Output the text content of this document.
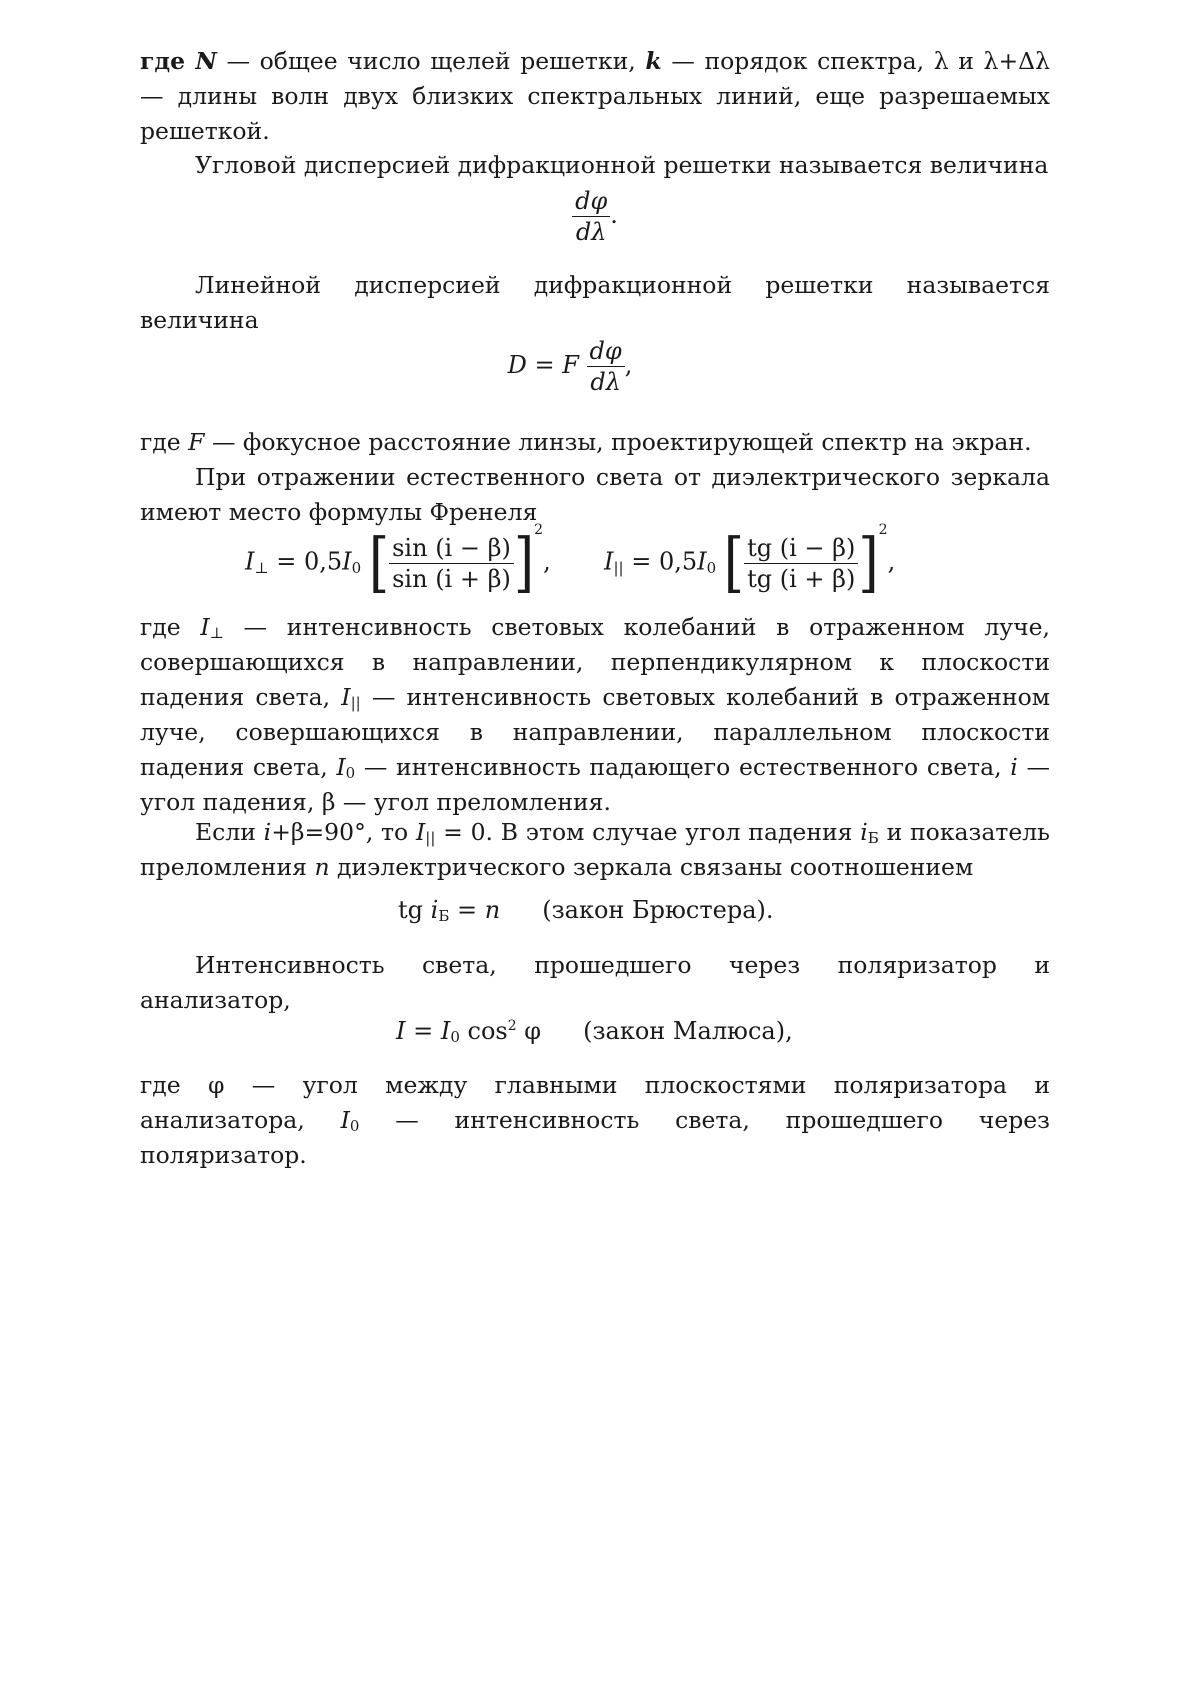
где N — общее число щелей решетки, k — порядок спектра, λ и λ+Δλ — длины волн двух близких спектральных линий, еще разрешаемых решеткой.

Угловой дисперсией дифракционной решетки называется величина

$\frac{d\varphi}{d\lambda}$ .

Линейной дисперсией дифракционной решетки называется величина

D = F $\frac{d\varphi}{d\lambda}$ ,

где F — фокусное расстояние линзы, проектирующей спектр на экран.

При отражении естественного света от диэлектрического зеркала имеют место формулы Френеля

$I_\perp = 0,5I_0$ [ $\frac{\sin (i - \beta)}{\sin (i + \beta)} ]^2$, $I_{||} = 0,5I_0$ [ $\frac{tg (i - \beta)}{tg (i + \beta)} ]^2$,

где $I_\perp$ — интенсивность световых колебаний в отраженном луче, совершающихся в направлении, перпендикулярном к плоскости падения света, $I_{||}$ — интенсивность световых колебаний в отраженном луче, совершающихся в направлении, параллельном плоскости падения света, $I_0$ — интенсивность падающего естественного света, i — угол падения, β — угол преломления.

Если i+β=90°, то $I_{||} = 0$. В этом случае угол падения $i_Б$ и показатель преломления n диэлектрического зеркала связаны соотношением

tg $i_Б = n$ (закон Брюстера).

Интенсивность света, прошедшего через поляризатор и анализатор,

$I = I_0$ $\cos^2 \varphi$ (закон Малюса),

где φ — угол между главными плоскостями поляризатора и анализатора, $I_0$ — интенсивность света, прошедшего через поляризатор.
